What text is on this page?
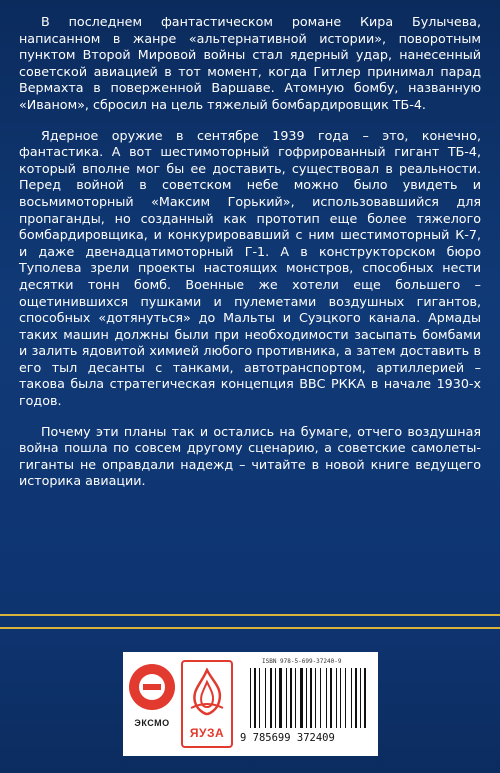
В последнем фантастическом романе Кира Булычева, написанном в жанре «альтернативной истории», поворотным пунктом Второй Мировой войны стал ядерный удар, нанесенный советской авиацией в тот момент, когда Гитлер принимал парад Вермахта в поверженной Варшаве. Атомную бомбу, названную «Иваном», сбросил на цель тяжелый бомбардировщик ТБ-4.

Ядерное оружие в сентябре 1939 года – это, конечно, фантастика. А вот шестимоторный гофрированный гигант ТБ-4, который вполне мог бы ее доставить, существовал в реальности. Перед войной в советском небе можно было увидеть и восьмимоторный «Максим Горький», использовавшийся для пропаганды, но созданный как прототип еще более тяжелого бомбардировщика, и конкурировавший с ним шестимоторный К-7, и даже двенадцатимоторный Г-1. А в конструкторском бюро Туполева зрели проекты настоящих монстров, способных нести десятки тонн бомб. Военные же хотели еще большего – ощетинившихся пушками и пулеметами воздушных гигантов, способных «дотянуться» до Мальты и Суэцкого канала. Армады таких машин должны были при необходимости засыпать бомбами и залить ядовитой химией любого противника, а затем доставить в его тыл десанты с танками, автотранспортом, артиллерией – такова была стратегическая концепция ВВС РККА в начале 1930-х годов.

Почему эти планы так и остались на бумаге, отчего воздушная война пошла по совсем другому сценарию, а советские самолеты-гиганты не оправдали надежд – читайте в новой книге ведущего историка авиации.

ЭКСМО
ЯУЗА
ISBN 978-5-699-37240-9
9 785699 372409
